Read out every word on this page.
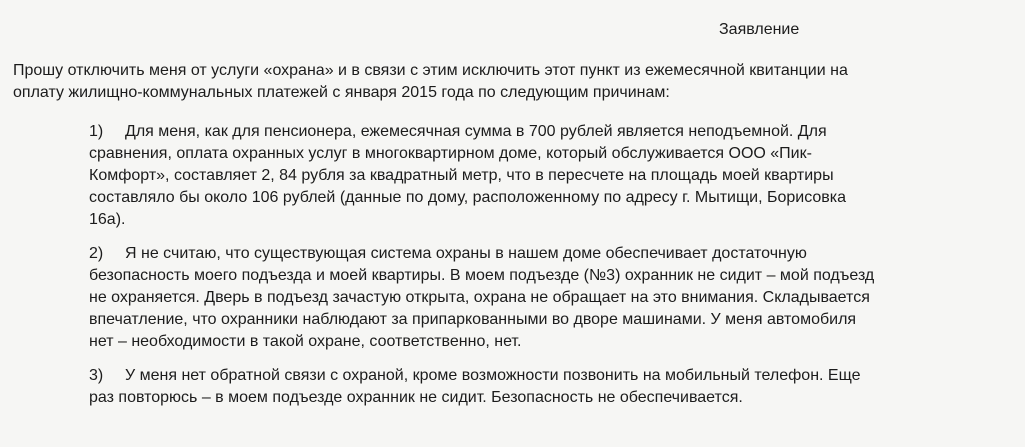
Заявление

Прошу отключить меня от услуги «охрана» и в связи с этим исключить этот пункт из ежемесячной квитанции на
оплату жилищно-коммунальных платежей с января 2015 года по следующим причинам:

1) Для меня, как для пенсионера, ежемесячная сумма в 700 рублей является неподъемной. Для
сравнения, оплата охранных услуг в многоквартирном доме, который обслуживается ООО «Пик-
Комфорт», составляет 2, 84 рубля за квадратный метр, что в пересчете на площадь моей квартиры
составляло бы около 106 рублей (данные по дому, расположенному по адресу г. Мытищи, Борисовка
16а).
2) Я не считаю, что существующая система охраны в нашем доме обеспечивает достаточную
безопасность моего подъезда и моей квартиры. В моем подъезде (№3) охранник не сидит – мой подъезд
не охраняется. Дверь в подъезд зачастую открыта, охрана не обращает на это внимания. Складывается
впечатление, что охранники наблюдают за припаркованными во дворе машинами. У меня автомобиля
нет – необходимости в такой охране, соответственно, нет.
3) У меня нет обратной связи с охраной, кроме возможности позвонить на мобильный телефон. Еще
раз повторюсь – в моем подъезде охранник не сидит. Безопасность не обеспечивается.
